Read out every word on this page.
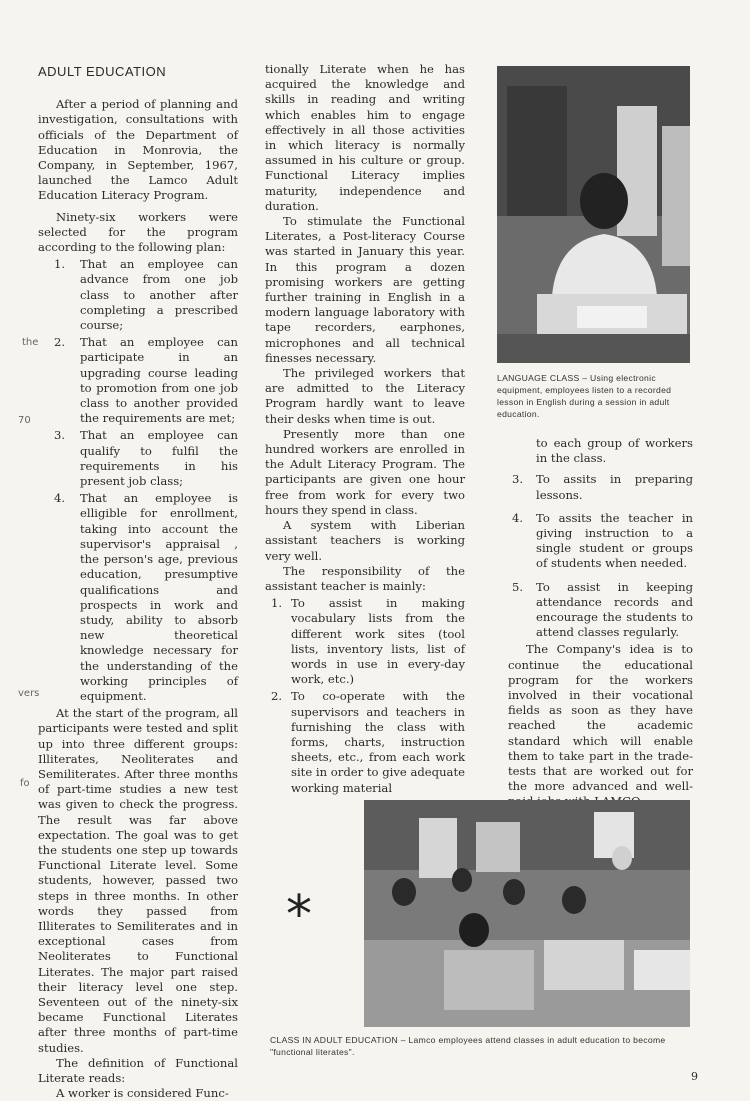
ADULT EDUCATION

After a period of planning and investigation, consultations with officials of the Department of Education in Monrovia, the Company, in September, 1967, launched the Lamco Adult Education Literacy Program.

Ninety-six workers were selected for the program according to the following plan:

1. That an employee can advance from one job class to another after completing a prescribed course;
2. That an employee can participate in an upgrading course leading to promotion from one job class to another provided the requirements are met;
3. That an employee can qualify to fulfil the requirements in his present job class;
4. That an employee is elligible for enrollment, taking into account the supervisor's appraisal , the person's age, previous education, presumptive qualifications and prospects in work and study, ability to absorb new theoretical knowledge necessary for the understanding of the working principles of equipment.

At the start of the program, all participants were tested and split up into three different groups: Illiterates, Neoliterates and Semiliterates. After three months of part-time studies a new test was given to check the progress. The result was far above expectation. The goal was to get the students one step up towards Functional Literate level. Some students, however, passed two steps in three months. In other words they passed from Illiterates to Semiliterates and in exceptional cases from Neoliterates to Functional Literates. The major part raised their literacy level one step. Seventeen out of the ninety-six became Functional Literates after three months of part-time studies.

The definition of Functional Literate reads:

A worker is considered Func-

tionally Literate when he has acquired the knowledge and skills in reading and writing which enables him to engage effectively in all those activities in which literacy is normally assumed in his culture or group. Functional Literacy implies maturity, independence and duration.

To stimulate the Functional Literates, a Post-literacy Course was started in January this year. In this program a dozen promising workers are getting further training in English in a modern language laboratory with tape recorders, earphones, microphones and all technical finesses necessary.

The privileged workers that are admitted to the Literacy Program hardly want to leave their desks when time is out.

Presently more than one hundred workers are enrolled in the Adult Literacy Program. The participants are given one hour free from work for every two hours they spend in class.

A system with Liberian assistant teachers is working very well.

The responsibility of the assistant teacher is mainly:

1. To assist in making vocabulary lists from the different work sites (tool lists, inventory lists, list of words in use in every-day work, etc.)
2. To co-operate with the supervisors and teachers in furnishing the class with forms, charts, instruction sheets, etc., from each work site in order to give adequate working material
LANGUAGE CLASS – Using electronic equipment, employees listen to a recorded lesson in English during a session in adult education.

to each group of workers in the class.

3. To assits in preparing lessons.
4. To assits the teacher in giving instruction to a single student or groups of students when needed.
5. To assist in keeping attendance records and encourage the students to attend classes regularly.

The Company's idea is to continue the educational program for the workers involved in their vocational fields as soon as they have reached the academic standard which will enable them to take part in the trade-tests that are worked out for the more advanced and well-

*
CLASS IN ADULT EDUCATION – Lamco employees attend classes in adult education to become "functional literates".
the
70
vers
fo
9
